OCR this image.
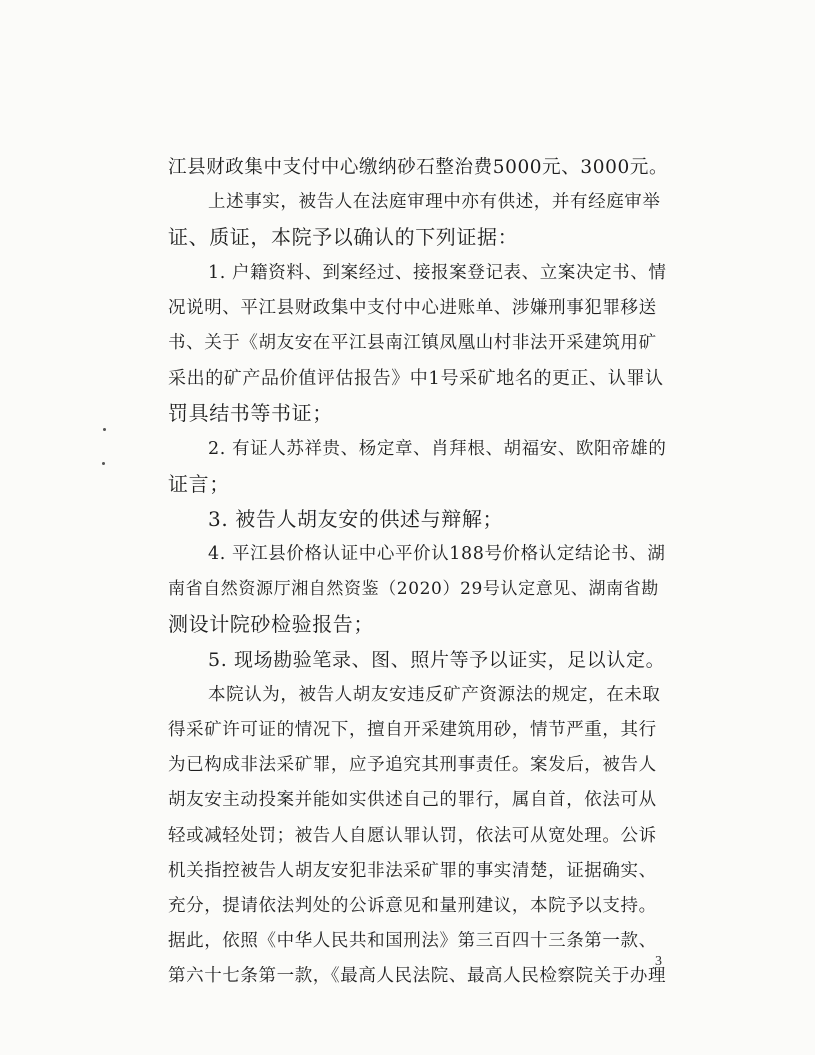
江县财政集中支付中心缴纳砂石整治费5000元、3000元。
上述事实，被告人在法庭审理中亦有供述，并有经庭审举
证、质证，本院予以确认的下列证据：
1. 户籍资料、到案经过、接报案登记表、立案决定书、情
况说明、平江县财政集中支付中心进账单、涉嫌刑事犯罪移送
书、关于《胡友安在平江县南江镇凤凰山村非法开采建筑用矿
采出的矿产品价值评估报告》中1号采矿地名的更正、认罪认
罚具结书等书证；
2. 有证人苏祥贵、杨定章、肖拜根、胡福安、欧阳帝雄的
证言；
3. 被告人胡友安的供述与辩解；
4. 平江县价格认证中心平价认188号价格认定结论书、湖
南省自然资源厅湘自然资鉴（2020）29号认定意见、湖南省勘
测设计院砂检验报告；
5. 现场勘验笔录、图、照片等予以证实，足以认定。
本院认为，被告人胡友安违反矿产资源法的规定，在未取
得采矿许可证的情况下，擅自开采建筑用砂，情节严重，其行
为已构成非法采矿罪，应予追究其刑事责任。案发后，被告人
胡友安主动投案并能如实供述自己的罪行，属自首，依法可从
轻或减轻处罚；被告人自愿认罪认罚，依法可从宽处理。公诉
机关指控被告人胡友安犯非法采矿罪的事实清楚，证据确实、
充分，提请依法判处的公诉意见和量刑建议，本院予以支持。
据此，依照《中华人民共和国刑法》第三百四十三条第一款、
第六十七条第一款，《最高人民法院、最高人民检察院关于办理
3
